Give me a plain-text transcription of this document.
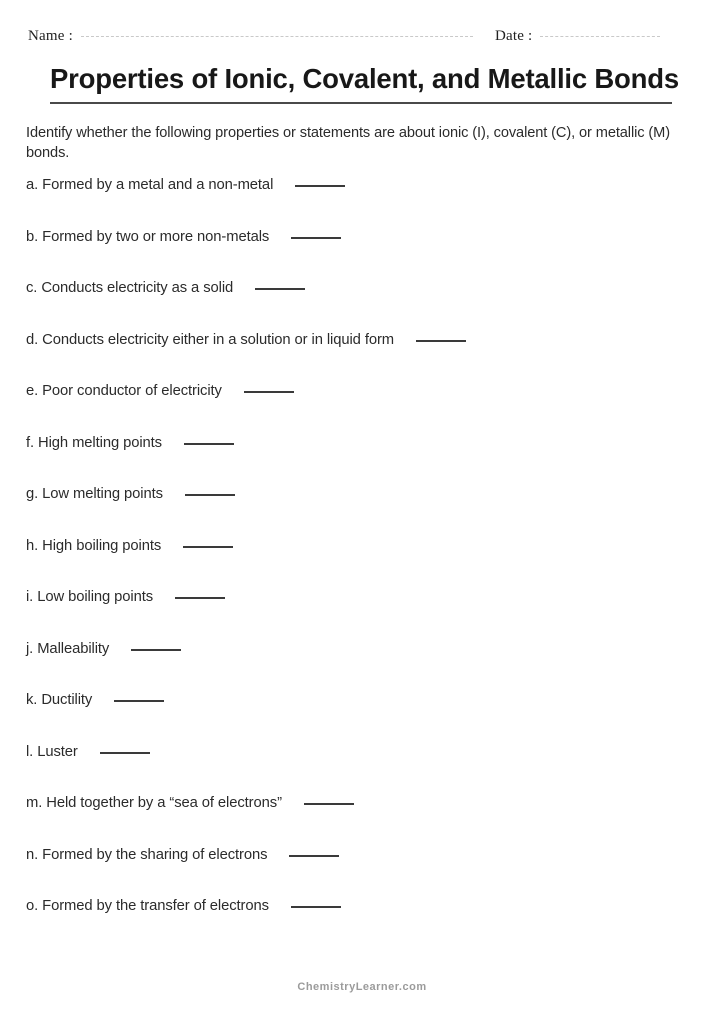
Name :	Date :
Properties of Ionic, Covalent, and Metallic Bonds
Identify whether the following properties or statements are about ionic (I), covalent (C), or metallic (M) bonds.
a. Formed by a metal and a non-metal
b. Formed by two or more non-metals
c. Conducts electricity as a solid
d. Conducts electricity either in a solution or in liquid form
e. Poor conductor of electricity
f. High melting points
g. Low melting points
h. High boiling points
i. Low boiling points
j. Malleability
k. Ductility
l. Luster
m. Held together by a “sea of electrons”
n. Formed by the sharing of electrons
o. Formed by the transfer of electrons
ChemistryLearner.com
